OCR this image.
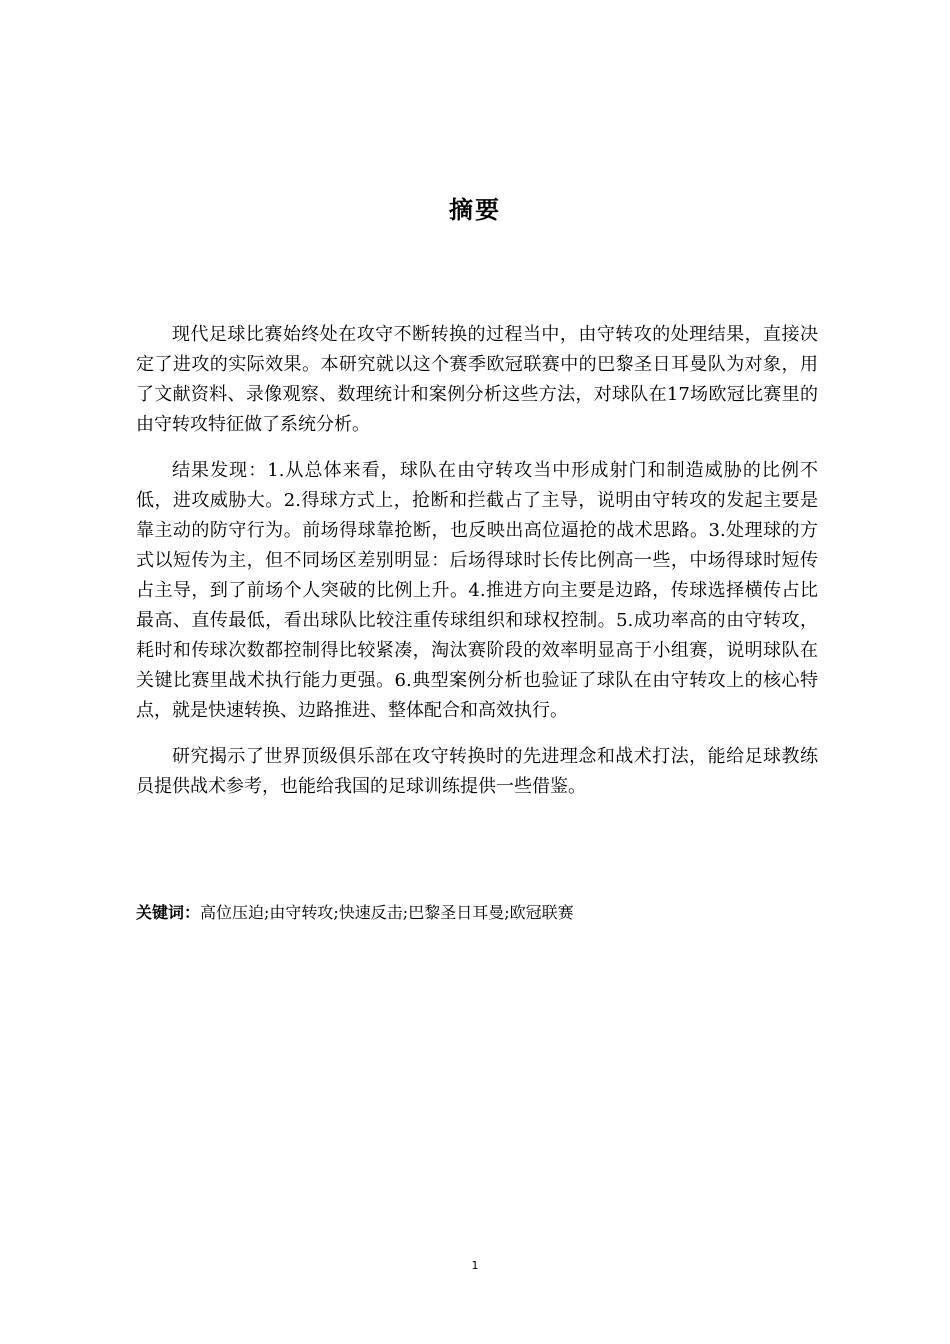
摘要

现代足球比赛始终处在攻守不断转换的过程当中，由守转攻的处理结果，直接决定了进攻的实际效果。本研究就以这个赛季欧冠联赛中的巴黎圣日耳曼队为对象，用了文献资料、录像观察、数理统计和案例分析这些方法，对球队在17场欧冠比赛里的由守转攻特征做了系统分析。

结果发现：1.从总体来看，球队在由守转攻当中形成射门和制造威胁的比例不低，进攻威胁大。2.得球方式上，抢断和拦截占了主导，说明由守转攻的发起主要是靠主动的防守行为。前场得球靠抢断，也反映出高位逼抢的战术思路。3.处理球的方式以短传为主，但不同场区差别明显：后场得球时长传比例高一些，中场得球时短传占主导，到了前场个人突破的比例上升。4.推进方向主要是边路，传球选择横传占比最高、直传最低，看出球队比较注重传球组织和球权控制。5.成功率高的由守转攻，耗时和传球次数都控制得比较紧凑，淘汰赛阶段的效率明显高于小组赛，说明球队在关键比赛里战术执行能力更强。6.典型案例分析也验证了球队在由守转攻上的核心特点，就是快速转换、边路推进、整体配合和高效执行。

研究揭示了世界顶级俱乐部在攻守转换时的先进理念和战术打法，能给足球教练员提供战术参考，也能给我国的足球训练提供一些借鉴。

关键词：高位压迫;由守转攻;快速反击;巴黎圣日耳曼;欧冠联赛
1
